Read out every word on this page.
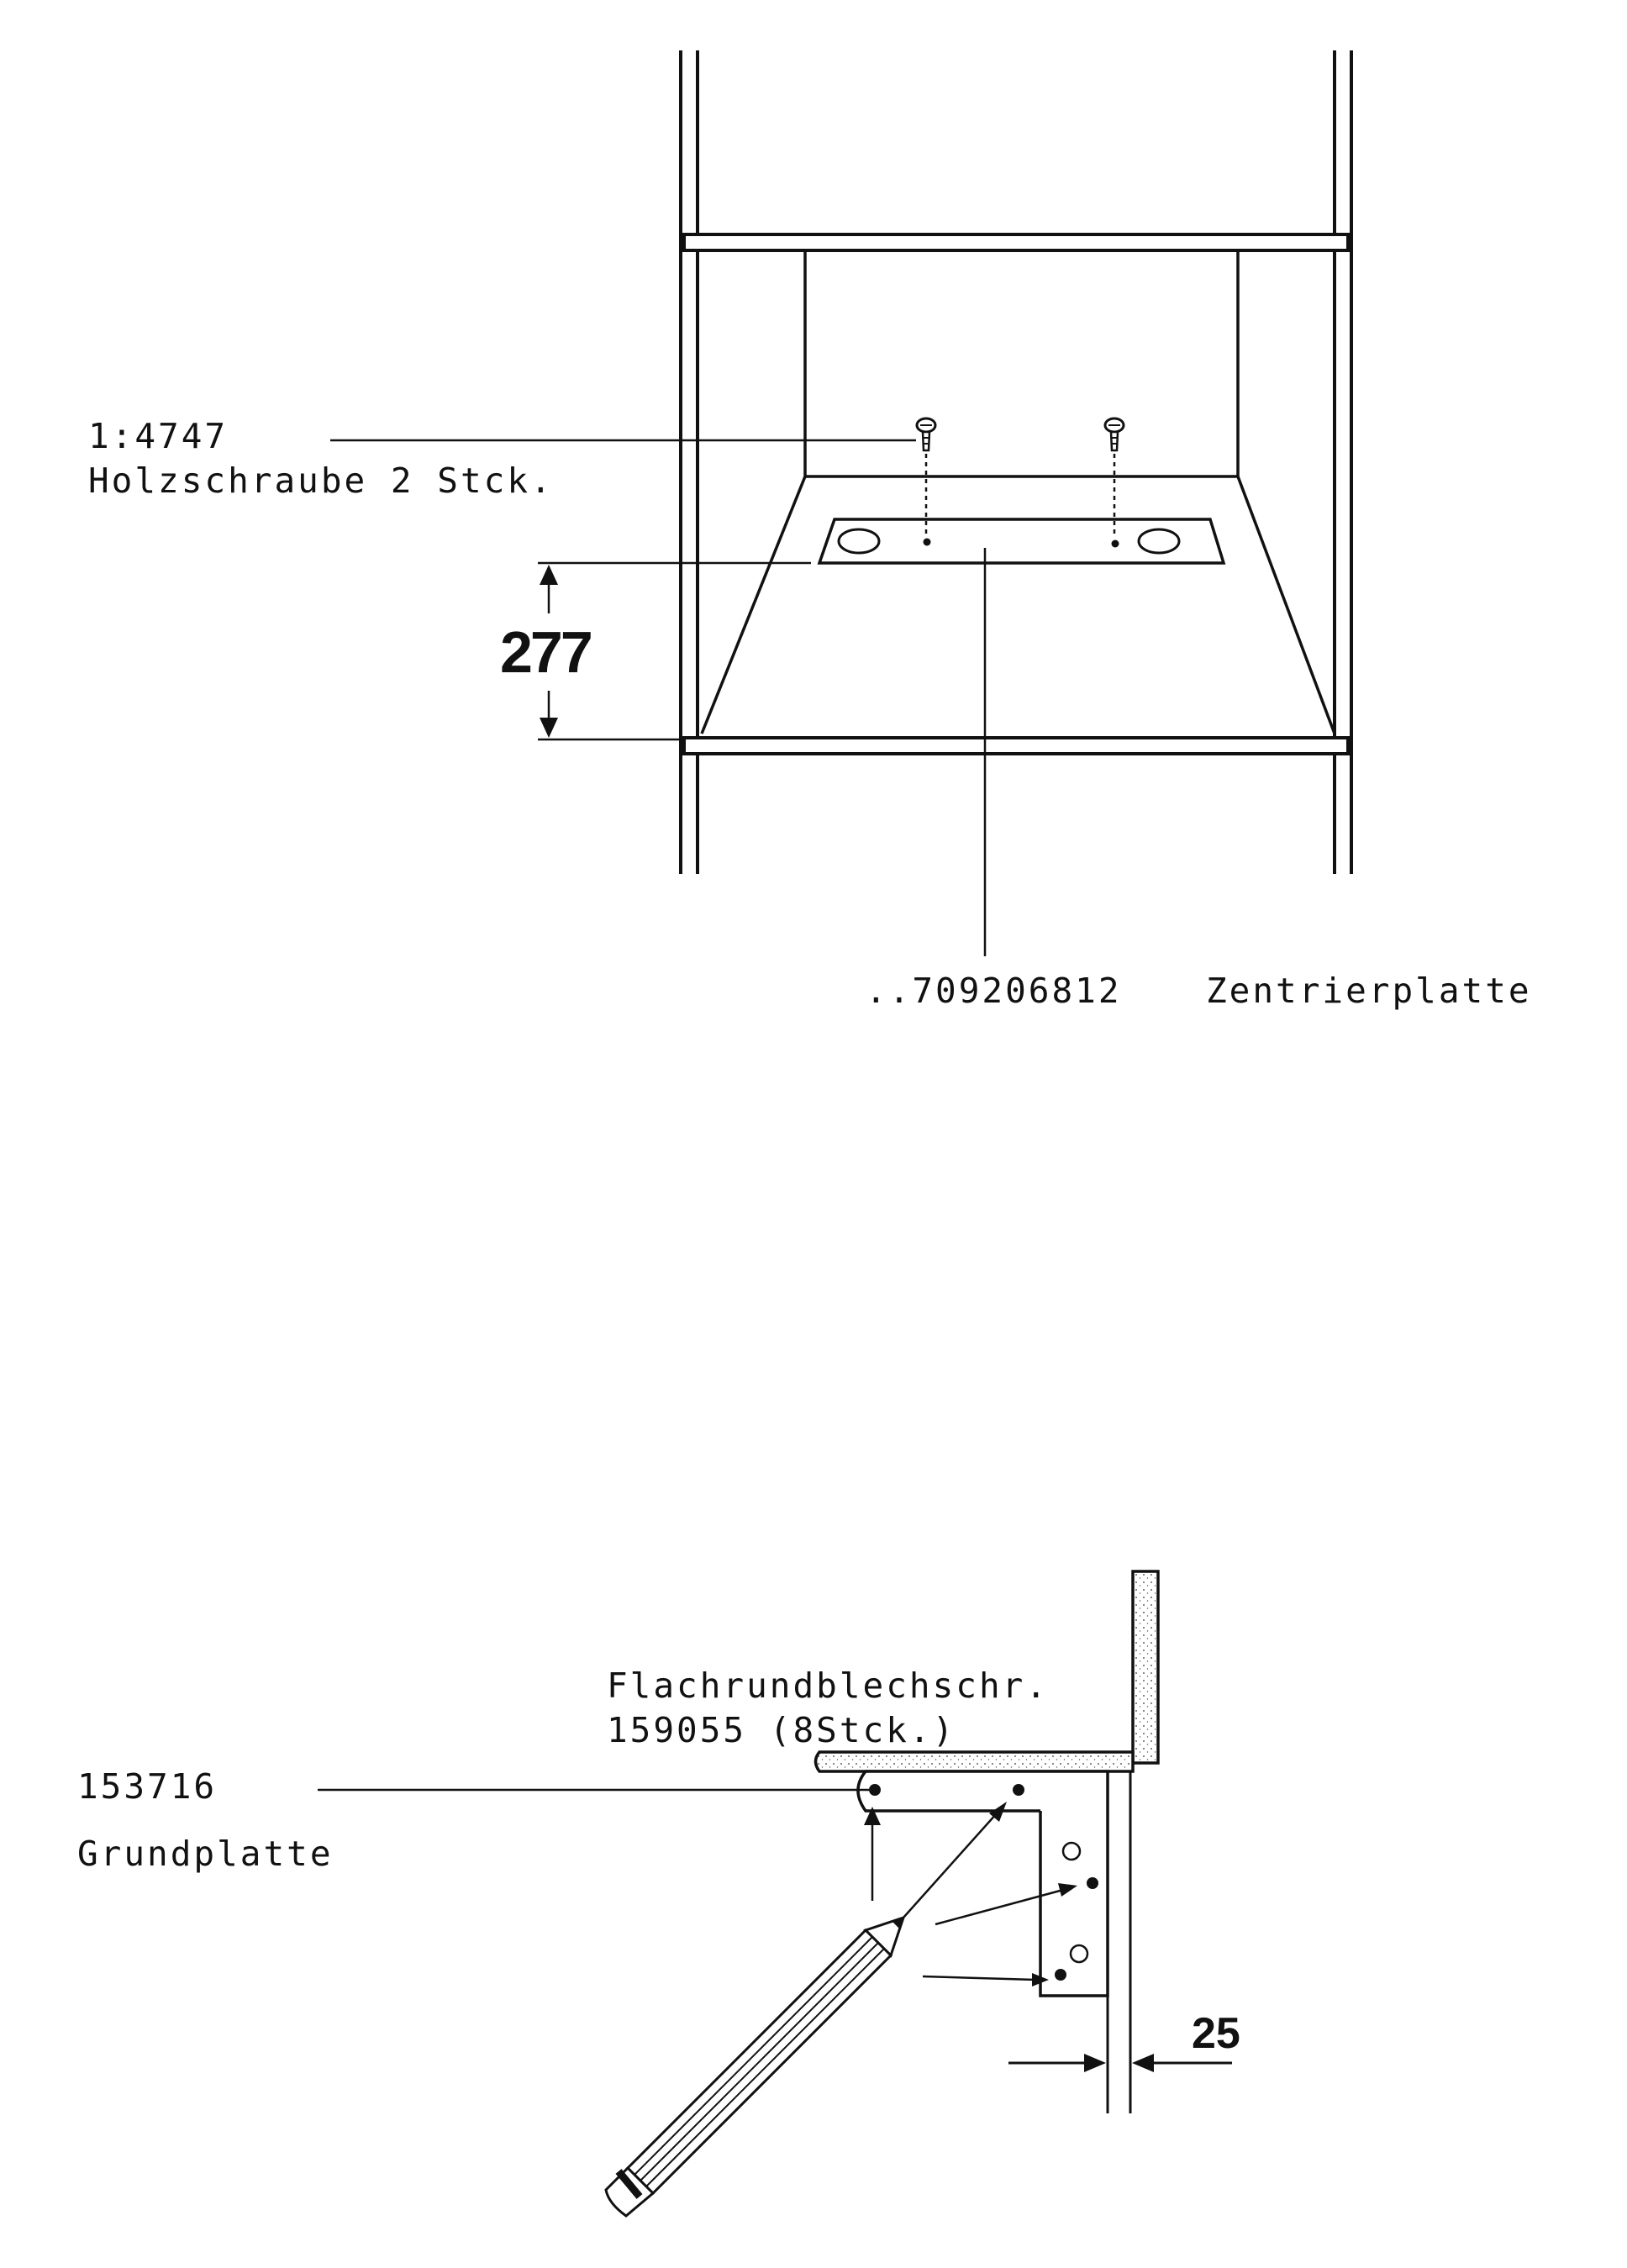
277
1:4747
Holzschraube 2 Stck.
..709206812 Zentrierplatte
25
Flachrundblechschr.
159055 (8Stck.)
153716
Grundplatte
